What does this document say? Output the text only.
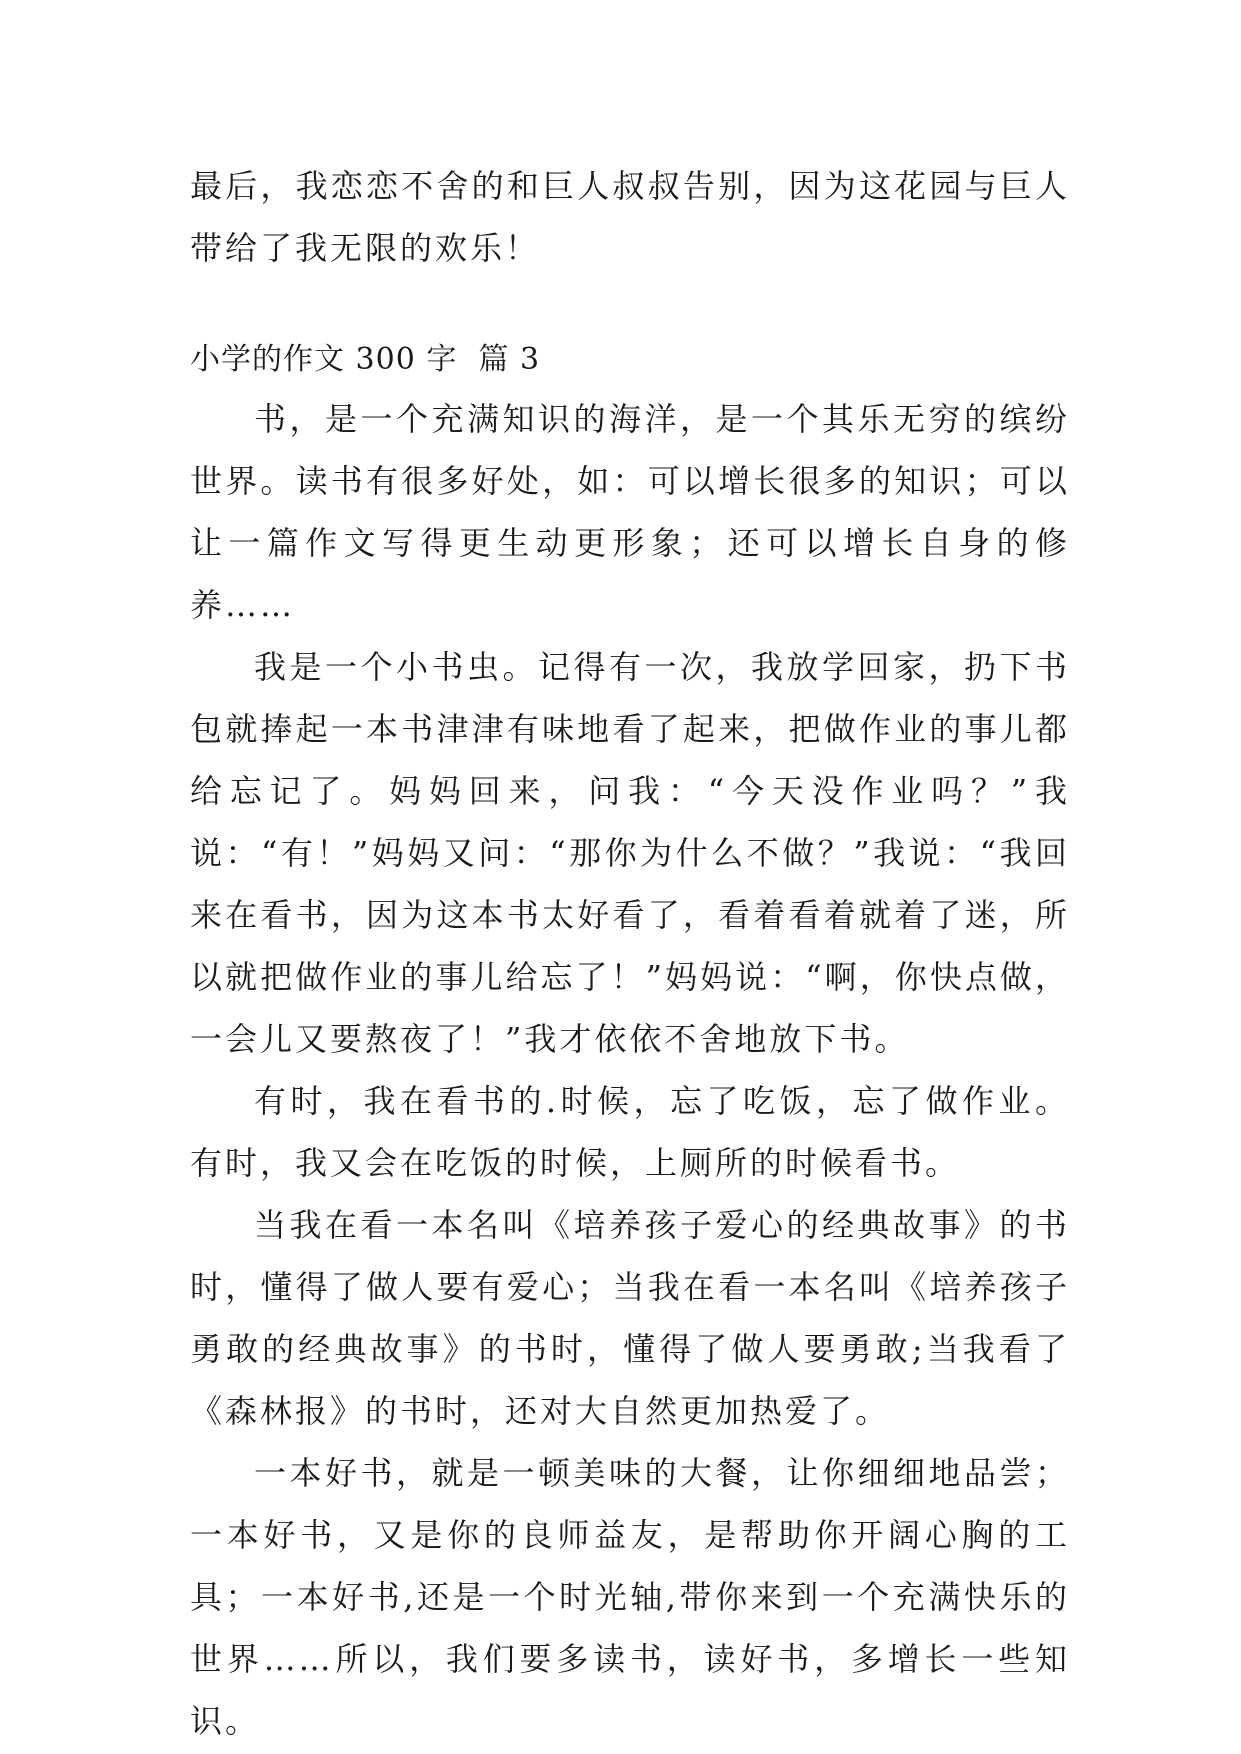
最后，我恋恋不舍的和巨人叔叔告别，因为这花园与巨人带给了我无限的欢乐！

小学的作文 300 字  篇 3

书，是一个充满知识的海洋，是一个其乐无穷的缤纷世界。读书有很多好处，如：可以增长很多的知识；可以让一篇作文写得更生动更形象；还可以增长自身的修养……

我是一个小书虫。记得有一次，我放学回家，扔下书包就捧起一本书津津有味地看了起来，把做作业的事儿都给忘记了。妈妈回来，问我：“今天没作业吗？”我说：“有！”妈妈又问：“那你为什么不做？”我说：“我回来在看书，因为这本书太好看了，看着看着就着了迷，所以就把做作业的事儿给忘了！”妈妈说：“啊，你快点做，一会儿又要熬夜了！”我才依依不舍地放下书。

有时，我在看书的.时候，忘了吃饭，忘了做作业。有时，我又会在吃饭的时候，上厕所的时候看书。

当我在看一本名叫《培养孩子爱心的经典故事》的书时，懂得了做人要有爱心；当我在看一本名叫《培养孩子勇敢的经典故事》的书时，懂得了做人要勇敢;当我看了《森林报》的书时，还对大自然更加热爱了。

一本好书，就是一顿美味的大餐，让你细细地品尝；一本好书，又是你的良师益友，是帮助你开阔心胸的工具；一本好书,还是一个时光轴,带你来到一个充满快乐的世界……所以，我们要多读书，读好书，多增长一些知识。
